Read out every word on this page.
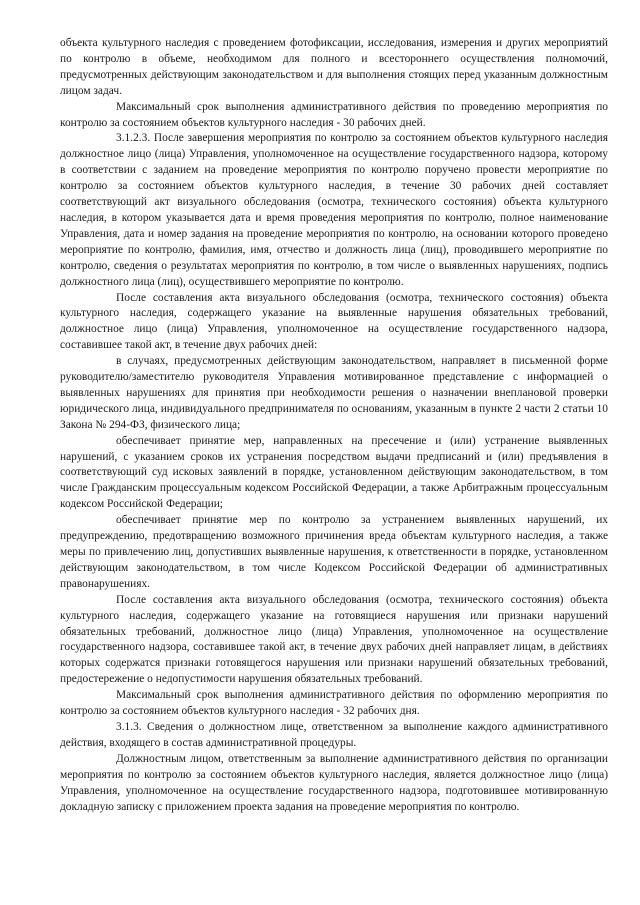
объекта культурного наследия с проведением фотофиксации, исследования, измерения и других мероприятий по контролю в объеме, необходимом для полного и всестороннего осуществления полномочий, предусмотренных действующим законодательством и для выполнения стоящих перед указанным должностным лицом задач.

Максимальный срок выполнения административного действия по проведению мероприятия по контролю за состоянием объектов культурного наследия - 30 рабочих дней.

3.1.2.3. После завершения мероприятия по контролю за состоянием объектов культурного наследия должностное лицо (лица) Управления, уполномоченное на осуществление государственного надзора, которому в соответствии с заданием на проведение мероприятия по контролю поручено провести мероприятие по контролю за состоянием объектов культурного наследия, в течение 30 рабочих дней составляет соответствующий акт визуального обследования (осмотра, технического состояния) объекта культурного наследия, в котором указывается дата и время проведения мероприятия по контролю, полное наименование Управления, дата и номер задания на проведение мероприятия по контролю, на основании которого проведено мероприятие по контролю, фамилия, имя, отчество и должность лица (лиц), проводившего мероприятие по контролю, сведения о результатах мероприятия по контролю, в том числе о выявленных нарушениях, подпись должностного лица (лиц), осуществившего мероприятие по контролю.

После составления акта визуального обследования (осмотра, технического состояния) объекта культурного наследия, содержащего указание на выявленные нарушения обязательных требований, должностное лицо (лица) Управления, уполномоченное на осуществление государственного надзора, составившее такой акт, в течение двух рабочих дней:

в случаях, предусмотренных действующим законодательством, направляет в письменной форме руководителю/заместителю руководителя Управления мотивированное представление с информацией о выявленных нарушениях для принятия при необходимости решения о назначении внеплановой проверки юридического лица, индивидуального предпринимателя по основаниям, указанным в пункте 2 части 2 статьи 10 Закона № 294-ФЗ, физического лица;

обеспечивает принятие мер, направленных на пресечение и (или) устранение выявленных нарушений, с указанием сроков их устранения посредством выдачи предписаний и (или) предъявления в соответствующий суд исковых заявлений в порядке, установленном действующим законодательством, в том числе Гражданским процессуальным кодексом Российской Федерации, а также Арбитражным процессуальным кодексом Российской Федерации;

обеспечивает принятие мер по контролю за устранением выявленных нарушений, их предупреждению, предотвращению возможного причинения вреда объектам культурного наследия, а также меры по привлечению лиц, допустивших выявленные нарушения, к ответственности в порядке, установленном действующим законодательством, в том числе Кодексом Российской Федерации об административных правонарушениях.

После составления акта визуального обследования (осмотра, технического состояния) объекта культурного наследия, содержащего указание на готовящиеся нарушения или признаки нарушений обязательных требований, должностное лицо (лица) Управления, уполномоченное на осуществление государственного надзора, составившее такой акт, в течение двух рабочих дней направляет лицам, в действиях которых содержатся признаки готовящегося нарушения или признаки нарушений обязательных требований, предостережение о недопустимости нарушения обязательных требований.

Максимальный срок выполнения административного действия по оформлению мероприятия по контролю за состоянием объектов культурного наследия - 32 рабочих дня.

3.1.3. Сведения о должностном лице, ответственном за выполнение каждого административного действия, входящего в состав административной процедуры.

Должностным лицом, ответственным за выполнение административного действия по организации мероприятия по контролю за состоянием объектов культурного наследия, является должностное лицо (лица) Управления, уполномоченное на осуществление государственного надзора, подготовившее мотивированную докладную записку с приложением проекта задания на проведение мероприятия по контролю.
